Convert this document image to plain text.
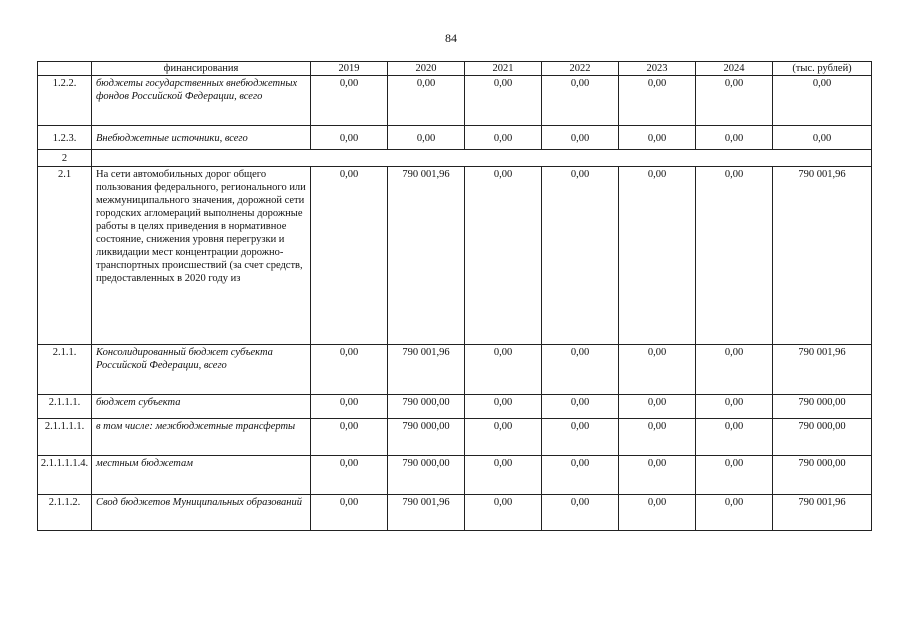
84
	финансирования	2019	2020	2021	2022	2023	2024	(тыс. рублей)
1.2.2.	бюджеты государственных внебюджетных фондов Российской Федерации, всего	0,00	0,00	0,00	0,00	0,00	0,00	0,00
1.2.3.	Внебюджетные источники, всего	0,00	0,00	0,00	0,00	0,00	0,00	0,00
2								
2.1	На сети автомобильных дорог общего пользования федерального, регионального или межмуниципального значения, дорожной сети городских агломераций выполнены дорожные работы в целях приведения в нормативное состояние, снижения уровня перегрузки и ликвидации мест концентрации дорожно-транспортных происшествий (за счет средств, предоставленных в 2020 году из	0,00	790 001,96	0,00	0,00	0,00	0,00	790 001,96
2.1.1.	Консолидированный бюджет субъекта Российской Федерации, всего	0,00	790 001,96	0,00	0,00	0,00	0,00	790 001,96
2.1.1.1.	бюджет субъекта	0,00	790 000,00	0,00	0,00	0,00	0,00	790 000,00
2.1.1.1.1.	в том числе: межбюджетные трансферты	0,00	790 000,00	0,00	0,00	0,00	0,00	790 000,00
2.1.1.1.1.4.	местным бюджетам	0,00	790 000,00	0,00	0,00	0,00	0,00	790 000,00
2.1.1.2.	Свод бюджетов Муниципальных образований	0,00	790 001,96	0,00	0,00	0,00	0,00	790 001,96
